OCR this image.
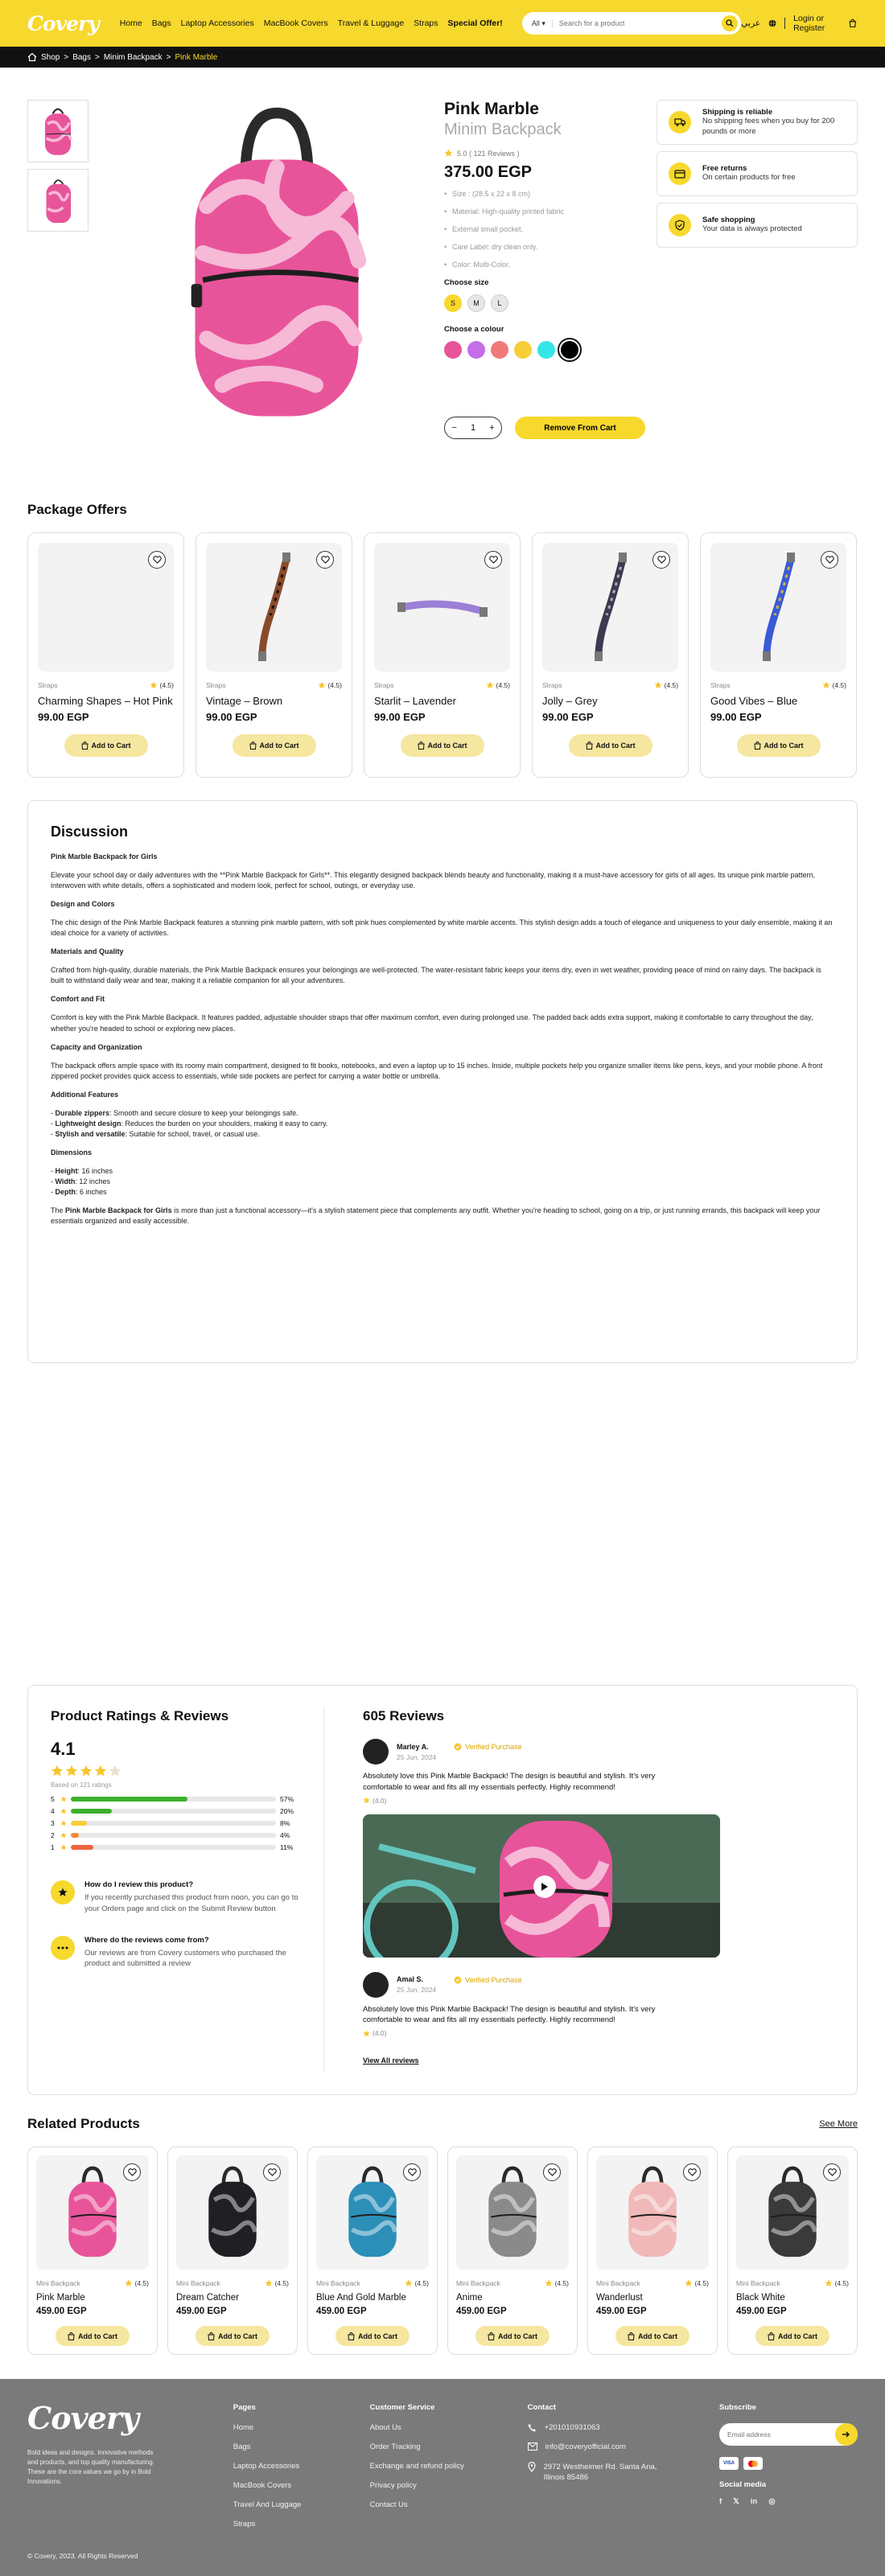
Covery Home Bags Laptop Accessories MacBook Covers Travel & Luggage Straps Special Offer!	All ▾
Search for a product	عربي	Login or Register
Shop > Bags > Minim Backpack > Pink Marble
Pink Marble
Minim Backpack
5.0 ( 121 Reviews )
375.00 EGP
• Size : (28.5 x 22 x 8 cm)
• Material: High-quality printed fabric
• External small pocket.
• Care Label: dry clean only.
• Color: Multi-Color.
Choose size
S	M	L
Choose a colour
− 1 +	Remove From Cart
Shipping is reliable
No shipping fees when you buy for 200 pounds or more
Free returns
On certain products for free
Safe shopping
Your data is always protected
Package Offers
Straps	(4.5)
Charming Shapes – Hot Pink
99.00 EGP
Add to Cart
Straps	(4.5)
Vintage – Brown
99.00 EGP
Add to Cart
Straps	(4.5)
Starlit – Lavender
99.00 EGP
Add to Cart
Straps	(4.5)
Jolly – Grey
99.00 EGP
Add to Cart
Straps	(4.5)
Good Vibes – Blue
99.00 EGP
Add to Cart
Discussion

Pink Marble Backpack for Girls

Elevate your school day or daily adventures with the **Pink Marble Backpack for Girls**. This elegantly designed backpack blends beauty and functionality, making it a must-have accessory for girls of all ages. Its unique pink marble pattern, interwoven with white details, offers a sophisticated and modern look, perfect for school, outings, or everyday use.

Design and Colors

The chic design of the Pink Marble Backpack features a stunning pink marble pattern, with soft pink hues complemented by white marble accents. This stylish design adds a touch of elegance and uniqueness to your daily ensemble, making it an ideal choice for a variety of activities.

Materials and Quality

Crafted from high-quality, durable materials, the Pink Marble Backpack ensures your belongings are well-protected. The water-resistant fabric keeps your items dry, even in wet weather, providing peace of mind on rainy days. The backpack is built to withstand daily wear and tear, making it a reliable companion for all your adventures.

Comfort and Fit

Comfort is key with the Pink Marble Backpack. It features padded, adjustable shoulder straps that offer maximum comfort, even during prolonged use. The padded back adds extra support, making it comfortable to carry throughout the day, whether you're headed to school or exploring new places.

Capacity and Organization

The backpack offers ample space with its roomy main compartment, designed to fit books, notebooks, and even a laptop up to 15 inches. Inside, multiple pockets help you organize smaller items like pens, keys, and your mobile phone. A front zippered pocket provides quick access to essentials, while side pockets are perfect for carrying a water bottle or umbrella.

Additional Features

- Durable zippers: Smooth and secure closure to keep your belongings safe.
- Lightweight design: Reduces the burden on your shoulders, making it easy to carry.
- Stylish and versatile: Suitable for school, travel, or casual use.

Dimensions

- Height: 16 inches
- Width: 12 inches
- Depth: 6 inches

The Pink Marble Backpack for Girls is more than just a functional accessory—it's a stylish statement piece that complements any outfit. Whether you're heading to school, going on a trip, or just running errands, this backpack will keep your essentials organized and easily accessible.

Product Ratings & Reviews
4.1
Based on 121 ratings
5	57%
4	20%
3	8%
2	4%
1	11%
How do I review this product?
If you recently purchased this product from noon, you can go to your Orders page and click on the Submit Review button
Where do the reviews come from?
Our reviews are from Covery customers who purchased the product and submitted a review
605 Reviews
Marley A.
25 Jun, 2024
Verified Purchase

Absolutely love this Pink Marble Backpack! The design is beautiful and stylish. It's very comfortable to wear and fits all my essentials perfectly. Highly recommend!

(4.0)
Amal S.
25 Jun, 2024
Verified Purchase

Absolutely love this Pink Marble Backpack! The design is beautiful and stylish. It's very comfortable to wear and fits all my essentials perfectly. Highly recommend!

(4.0)
View All reviews
Related Products	See More
Mini Backpack	(4.5)
Pink Marble
459.00 EGP
Add to Cart
Mini Backpack	(4.5)
Dream Catcher
459.00 EGP
Add to Cart
Mini Backpack	(4.5)
Blue And Gold Marble
459.00 EGP
Add to Cart
Mini Backpack	(4.5)
Anime
459.00 EGP
Add to Cart
Mini Backpack	(4.5)
Wanderlust
459.00 EGP
Add to Cart
Mini Backpack	(4.5)
Black White
459.00 EGP
Add to Cart
Covery

Bold ideas and designs. Innovative methods and products, and top quality manufacturing. These are the core values we go by in Bold Innovations.

Pages
Home
Bags
Laptop Accessories
MacBook Covers
Travel And Luggage
Straps
Customer Service
About Us
Order Tracking
Exchange and refund policy
Privacy policy
Contact Us
Contact
+201010931063
info@coveryofficial.com
2972 Westheimer Rd. Santa Ana, Illinois 85486
Subscribe
Email address
VISA
Social media
f 𝕏 in ◎
© Covery, 2023. All Rights Reserved
